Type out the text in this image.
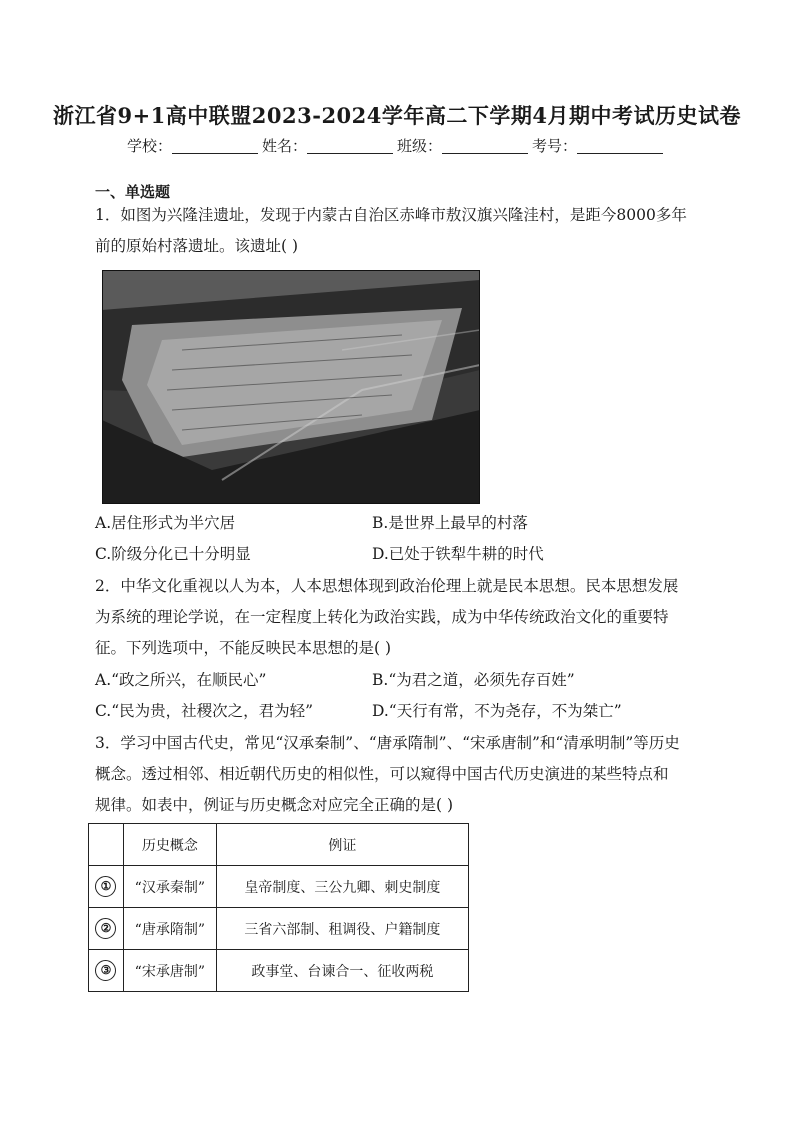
浙江省9+1高中联盟2023-2024学年高二下学期4月期中考试历史试卷
学校：	姓名：	班级：	考号：
一、单选题
1．如图为兴隆洼遗址，发现于内蒙古自治区赤峰市敖汉旗兴隆洼村，是距今8000多年
前的原始村落遗址。该遗址( )
A.居住形式为半穴居	B.是世界上最早的村落
C.阶级分化已十分明显	D.已处于铁犁牛耕的时代
2．中华文化重视以人为本，人本思想体现到政治伦理上就是民本思想。民本思想发展
为系统的理论学说，在一定程度上转化为政治实践，成为中华传统政治文化的重要特
征。下列选项中，不能反映民本思想的是( )
A.“政之所兴，在顺民心”	B.“为君之道，必须先存百姓”
C.“民为贵，社稷次之，君为轻”	D.“天行有常，不为尧存，不为桀亡”
3．学习中国古代史，常见“汉承秦制”、“唐承隋制”、“宋承唐制”和“清承明制”等历史
概念。透过相邻、相近朝代历史的相似性，可以窥得中国古代历史演进的某些特点和
规律。如表中，例证与历史概念对应完全正确的是( )
	历史概念	例证
①	“汉承秦制”	皇帝制度、三公九卿、刺史制度
②	“唐承隋制”	三省六部制、租调役、户籍制度
③	“宋承唐制”	政事堂、台谏合一、征收两税
